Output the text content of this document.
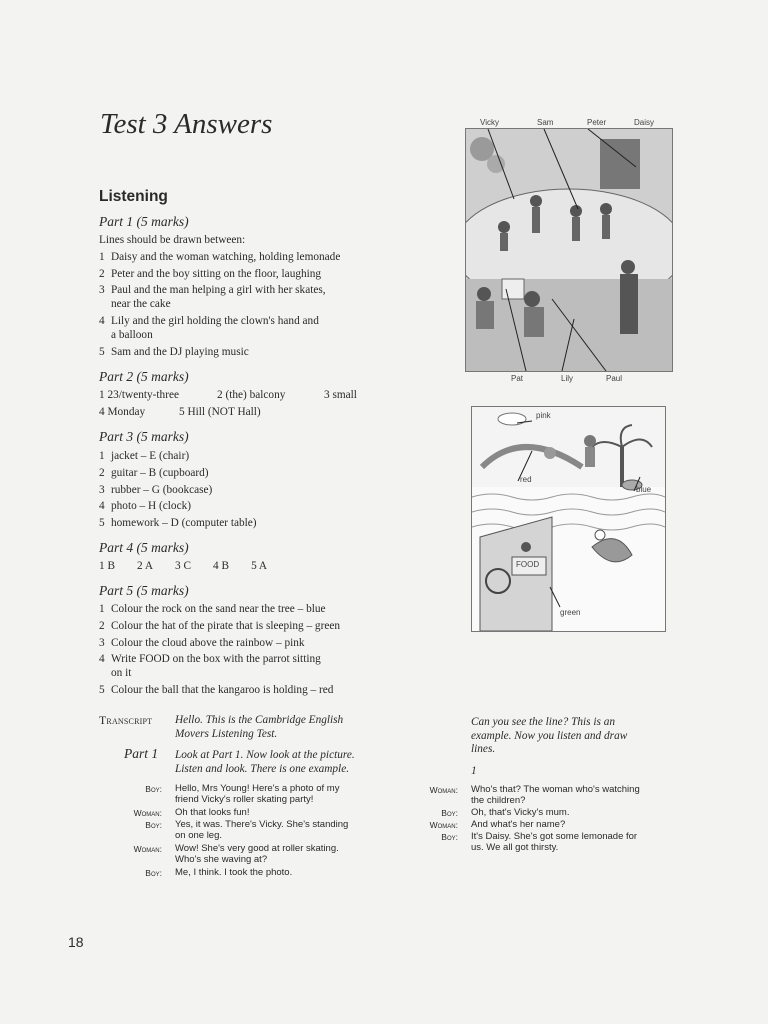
Test 3 Answers
Listening
Part 1 (5 marks)
Lines should be drawn between:
1 Daisy and the woman watching, holding lemonade
2 Peter and the boy sitting on the floor, laughing
3 Paul and the man helping a girl with her skates,
near the cake
4 Lily and the girl holding the clown's hand and
a balloon
5 Sam and the DJ playing music
Part 2 (5 marks)
1 23/twenty-three	2 (the) balcony	3 small
4 Monday	5 Hill (NOT Hall)
Part 3 (5 marks)
1 jacket – E (chair)
2 guitar – B (cupboard)
3 rubber – G (bookcase)
4 photo – H (clock)
5 homework – D (computer table)
Part 4 (5 marks)
1 B 2 A 3 C 4 B 5 A
Part 5 (5 marks)
1 Colour the rock on the sand near the tree – blue
2 Colour the hat of the pirate that is sleeping – green
3 Colour the cloud above the rainbow – pink
4 Write FOOD on the box with the parrot sitting
on it
5 Colour the ball that the kangaroo is holding – red
Vicky	Sam	Peter	Daisy
Pat	Lily	Paul
pink
red
blue
FOOD
green
Transcript Hello. This is the Cambridge English
Movers Listening Test.
Part 1 Look at Part 1. Now look at the picture.
Listen and look. There is one example.
Boy: Hello, Mrs Young! Here's a photo of my
friend Vicky's roller skating party!
Woman: Oh that looks fun!
Boy: Yes, it was. There's Vicky. She's standing
on one leg.
Woman: Wow! She's very good at roller skating.
Who's she waving at?
Boy: Me, I think. I took the photo.
Can you see the line? This is an
example. Now you listen and draw
lines.
1
Woman: Who's that? The woman who's watching
the children?
Boy: Oh, that's Vicky's mum.
Woman: And what's her name?
Boy: It's Daisy. She's got some lemonade for
us. We all got thirsty.
18
